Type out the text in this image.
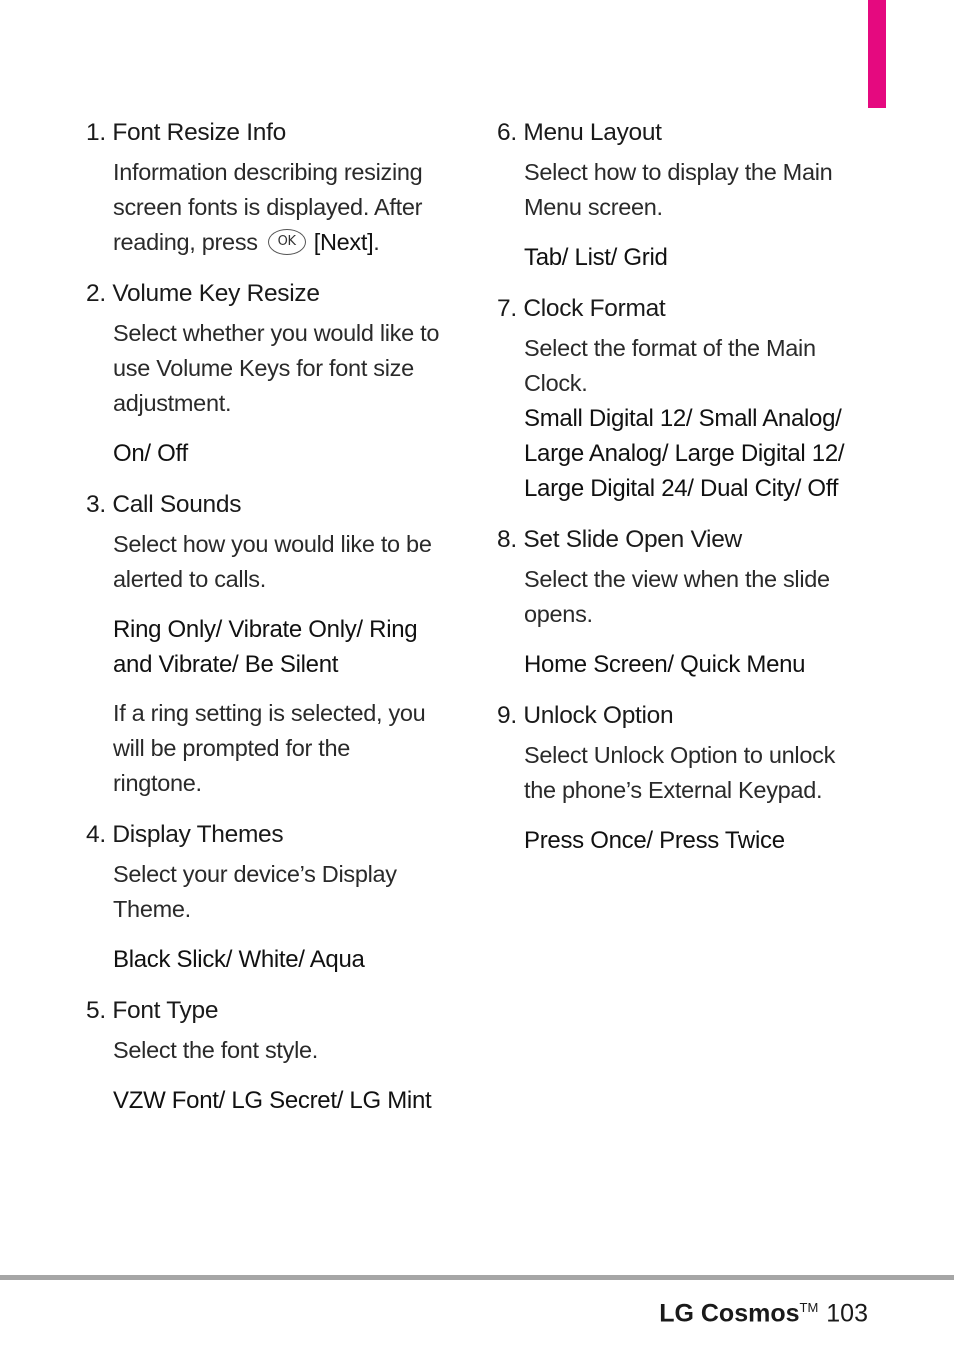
1. Font Resize Info

Information describing resizing
screen fonts is displayed. After
reading, press OK [Next].

2. Volume Key Resize

Select whether you would like to
use Volume Keys for font size
adjustment.

On/ Off

3. Call Sounds

Select how you would like to be
alerted to calls.

Ring Only/ Vibrate Only/ Ring
and Vibrate/ Be Silent

If a ring setting is selected, you
will be prompted for the
ringtone.

4. Display Themes

Select your device’s Display
Theme.

Black Slick/ White/ Aqua

5. Font Type

Select the font style.

VZW Font/ LG Secret/ LG Mint

6. Menu Layout

Select how to display the Main
Menu screen.

Tab/ List/ Grid

7. Clock Format

Select the format of the Main
Clock.

Small Digital 12/ Small Analog/
Large Analog/ Large Digital 12/
Large Digital 24/ Dual City/ Off

8. Set Slide Open View

Select the view when the slide
opens.

Home Screen/ Quick Menu

9. Unlock Option

Select Unlock Option to unlock
the phone’s External Keypad.

Press Once/ Press Twice

LG Cosmos™ 103
